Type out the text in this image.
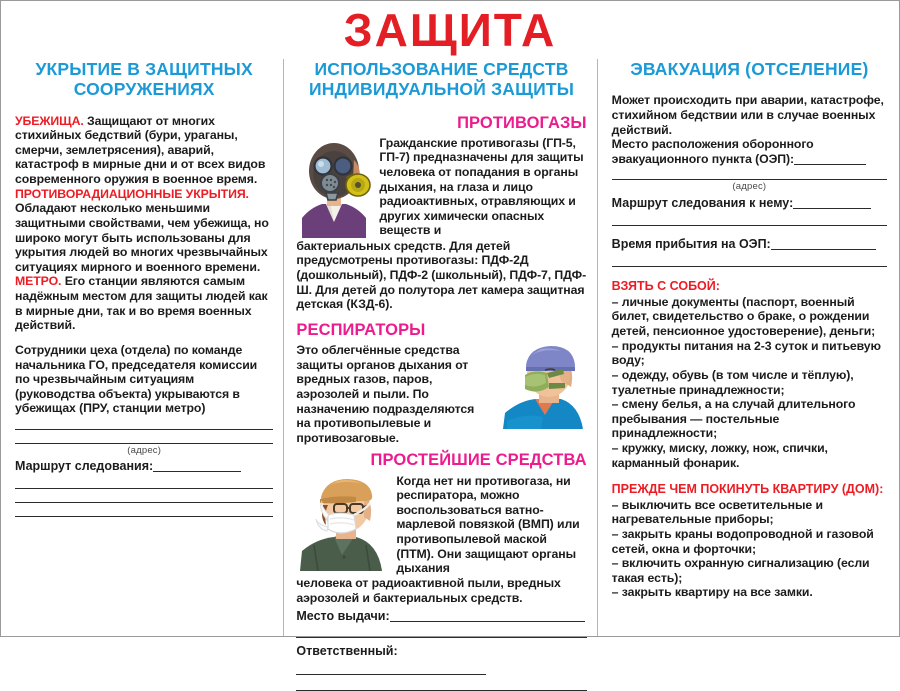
ЗАЩИТА
УКРЫТИЕ В ЗАЩИТНЫХ СООРУЖЕНИЯХ

УБЕЖИЩА. Защищают от многих стихийных бедствий (бури, ураганы, смерчи, землетрясения), аварий, катастроф в мирные дни и от всех видов современного оружия в военное время.

ПРОТИВОРАДИАЦИОННЫЕ УКРЫТИЯ. Обладают несколько меньшими защитными свойствами, чем убежища, но широко могут быть использованы для укрытия людей во многих чрезвычайных ситуациях мирного и военного времени.

МЕТРО. Его станции являются самым надёжным местом для защиты людей как в мирные дни, так и во время военных действий.

Сотрудники цеха (отдела) по команде начальника ГО, председателя комиссии по чрезвычайным ситуациям (руководства объекта) укрываются в убежищах (ПРУ, станции метро)

(адрес)
Маршрут следования:
ИСПОЛЬЗОВАНИЕ СРЕДСТВ ИНДИВИДУАЛЬНОЙ ЗАЩИТЫ
ПРОТИВОГАЗЫ

Гражданские противогазы (ГП-5, ГП-7) предназначены для защиты человека от попадания в органы дыхания, на глаза и лицо радиоактивных, отравляющих и других химически опасных веществ и

бактериальных средств. Для детей предусмотрены противогазы: ПДФ-2Д (дошкольный), ПДФ-2 (школьный), ПДФ-7, ПДФ-Ш. Для детей до полутора лет камера защитная детская (КЗД-6).

РЕСПИРАТОРЫ

Это облегчённые средства защиты органов дыхания от вредных газов, паров, аэрозолей и пыли. По назначению подразделяются на противопылевые и противозаговые.

ПРОСТЕЙШИЕ СРЕДСТВА

Когда нет ни противогаза, ни респиратора, можно воспользоваться ватно-марлевой повязкой (ВМП) или противопылевой маской (ПТМ). Они защищают органы дыхания

человека от радиоактивной пыли, вредных аэрозолей и бактериальных средств.

Место выдачи:
Ответственный:
ЭВАКУАЦИЯ (ОТСЕЛЕНИЕ)

Может происходить при аварии, катастрофе, стихийном бедствии или в случае военных действий.

Место расположения оборонного эвакуационного пункта (ОЭП):

(адрес)
Маршрут следования к нему:
Время прибытия на ОЭП:
ВЗЯТЬ С СОБОЙ:

– личные документы (паспорт, военный билет, свидетельство о браке, о рождении детей, пенсионное удостоверение), деньги;

– продукты питания на 2-3 суток и питьевую воду;

– одежду, обувь (в том числе и тёплую), туалетные принадлежности;

– смену белья, а на случай длительного пребывания — постельные принадлежности;

– кружку, миску, ложку, нож, спички, карманный фонарик.

ПРЕЖДЕ ЧЕМ ПОКИНУТЬ КВАРТИРУ (ДОМ):

– выключить все осветительные и нагревательные приборы;

– закрыть краны водопроводной и газовой сетей, окна и форточки;

– включить охранную сигнализацию (если такая есть);

– закрыть квартиру на все замки.
